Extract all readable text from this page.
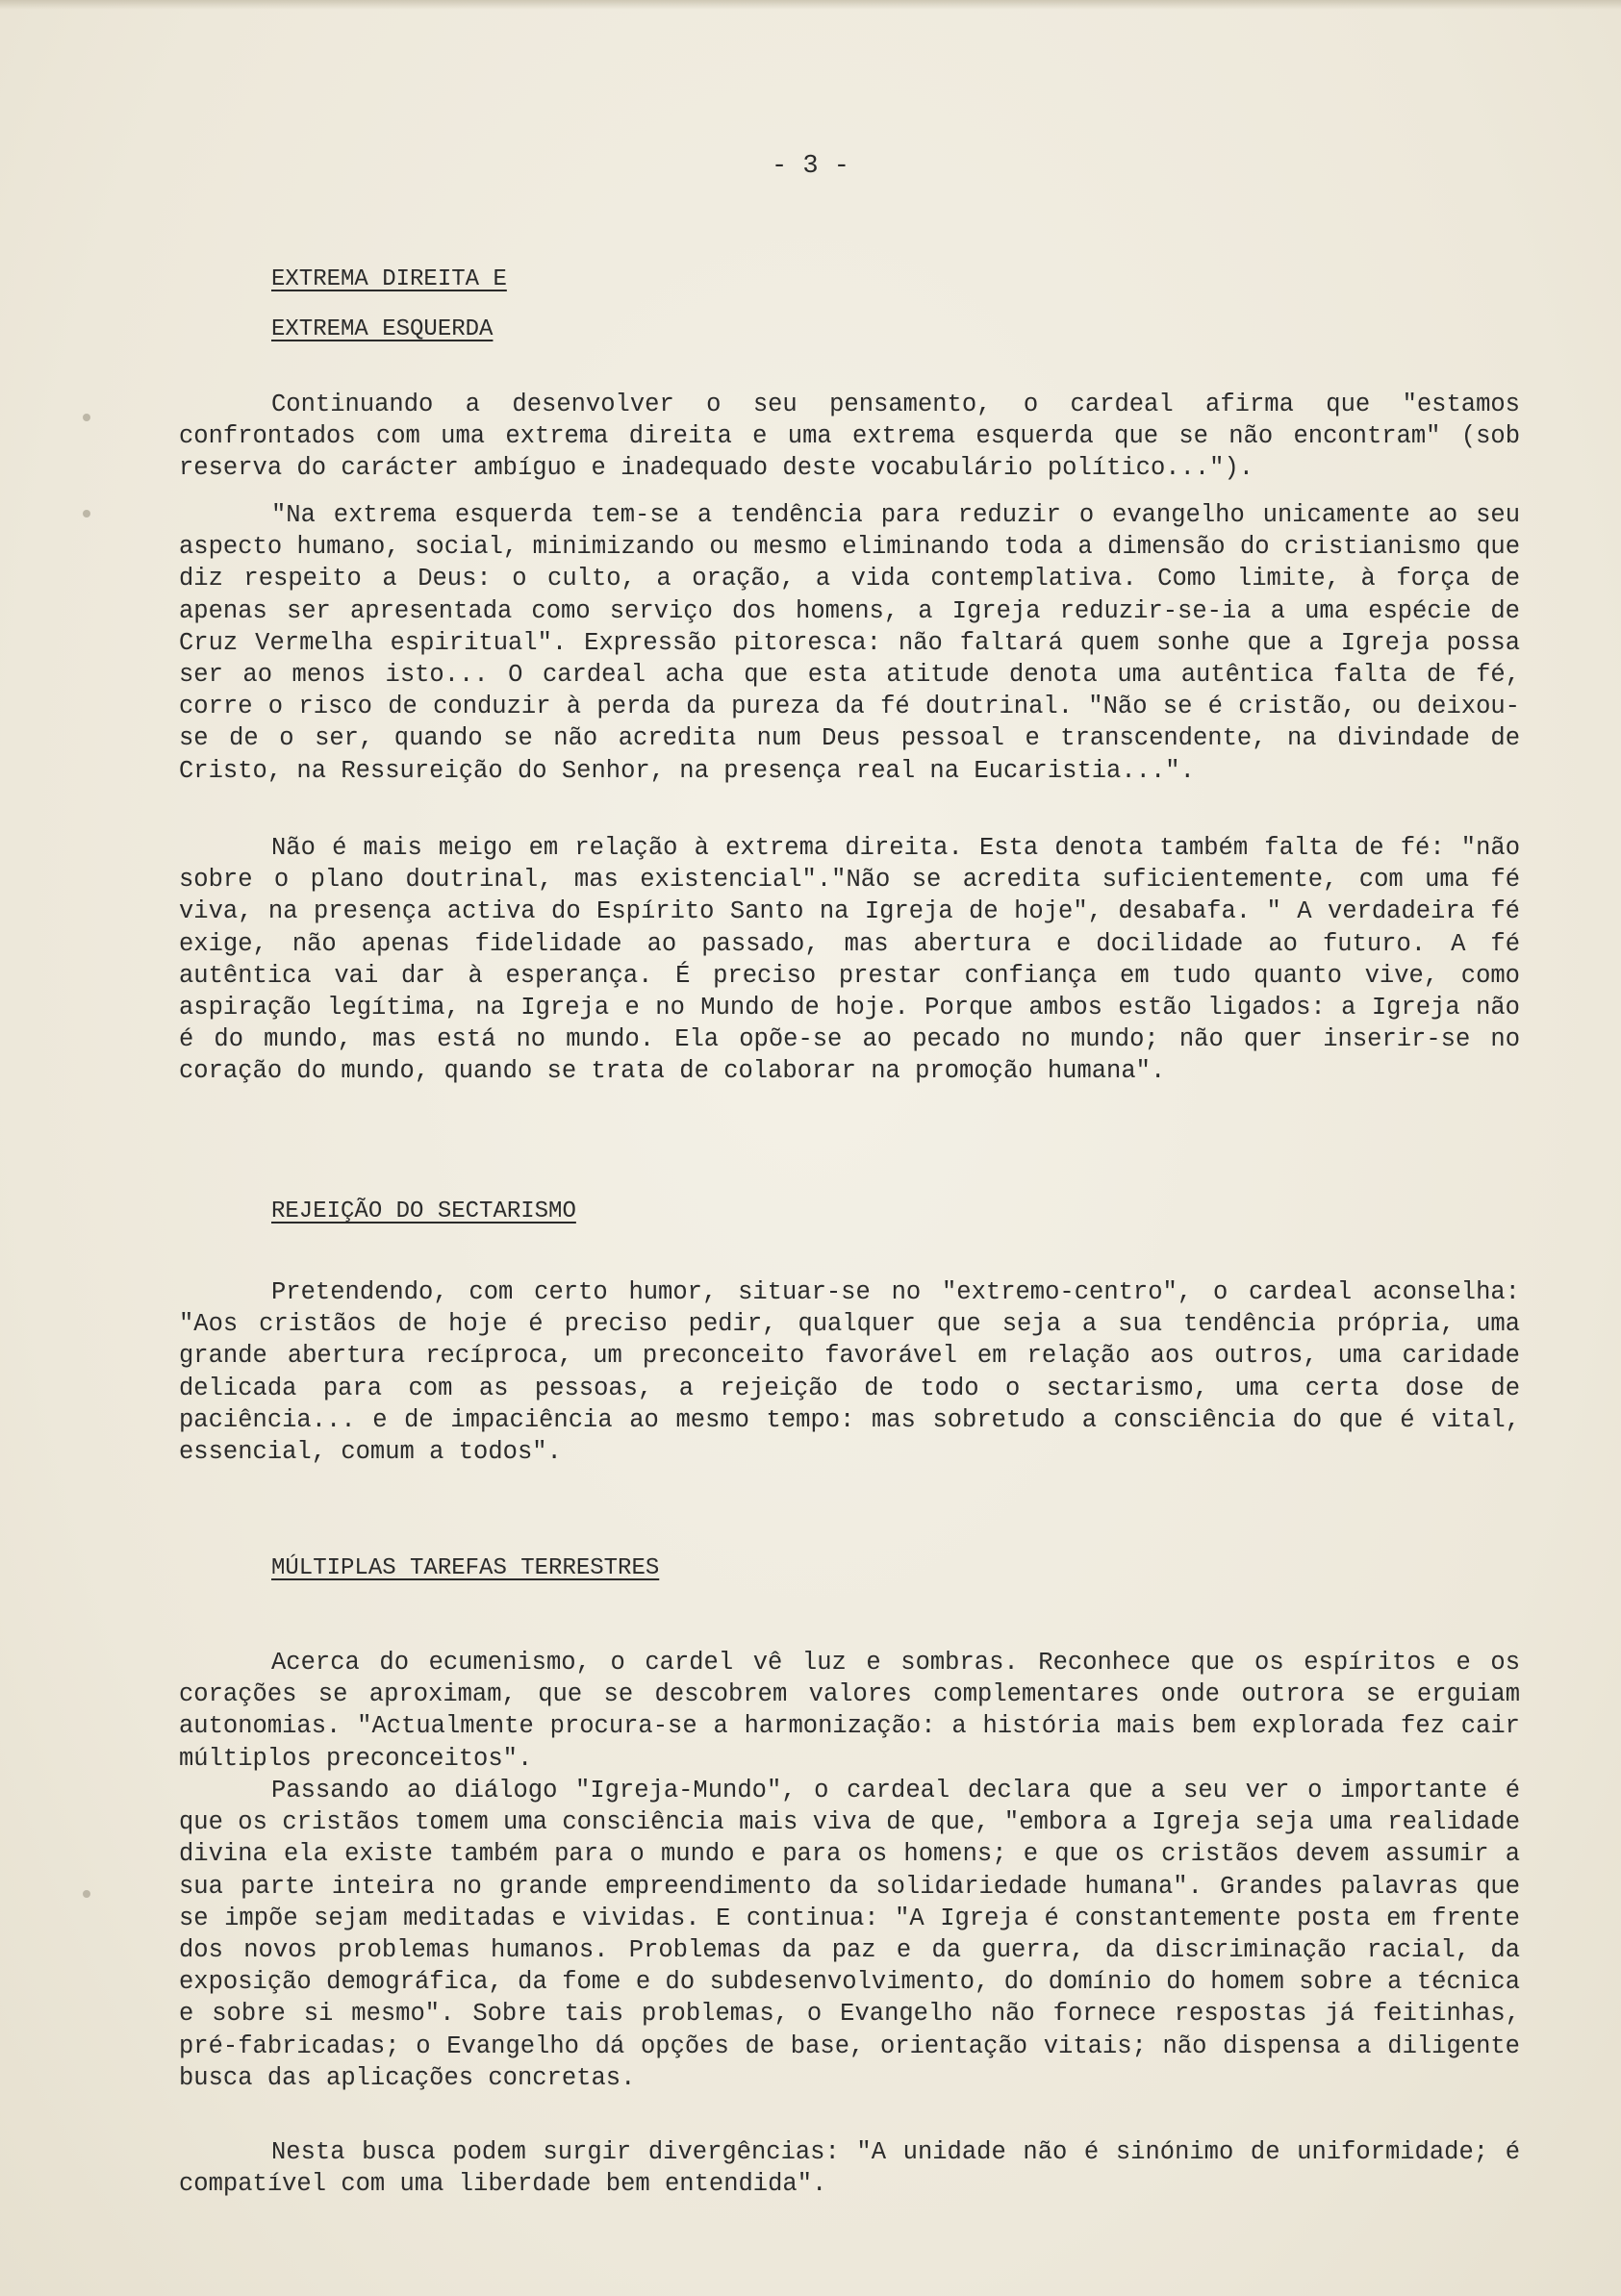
- 3 -
EXTREMA DIREITA E
EXTREMA ESQUERDA

Continuando a desenvolver o seu pensamento, o cardeal afirma que "estamos confrontados com uma extrema direita e uma extrema esquerda que se não encontram" (sob reserva do carácter ambíguo e inadequado deste vocabulário político...").

"Na extrema esquerda tem-se a tendência para reduzir o evangelho unicamente ao seu aspecto humano, social, minimizando ou mesmo eliminando toda a dimensão do cristianismo que diz respeito a Deus: o culto, a oração, a vida contemplativa. Como limite, à força de apenas ser apresentada como serviço dos homens, a Igreja reduzir-se-ia a uma espécie de Cruz Vermelha espiritual". Expressão pitoresca: não faltará quem sonhe que a Igreja possa ser ao menos isto... O cardeal acha que esta atitude denota uma autêntica falta de fé, corre o risco de conduzir à perda da pureza da fé doutrinal. "Não se é cristão, ou deixou-se de o ser, quando se não acredita num Deus pessoal e transcendente, na divindade de Cristo, na Ressureição do Senhor, na presença real na Eucaristia...".

Não é mais meigo em relação à extrema direita. Esta denota também falta de fé: "não sobre o plano doutrinal, mas existencial"."Não se acredita suficientemente, com uma fé viva, na presença activa do Espírito Santo na Igreja de hoje", desabafa. " A verdadeira fé exige, não apenas fidelidade ao passado, mas abertura e docilidade ao futuro. A fé autêntica vai dar à esperança. É preciso prestar confiança em tudo quanto vive, como aspiração legítima, na Igreja e no Mundo de hoje. Porque ambos estão ligados: a Igreja não é do mundo, mas está no mundo. Ela opõe-se ao pecado no mundo; não quer inserir-se no coração do mundo, quando se trata de colaborar na promoção humana".

REJEIÇÃO DO SECTARISMO

Pretendendo, com certo humor, situar-se no "extremo-centro", o cardeal aconselha: "Aos cristãos de hoje é preciso pedir, qualquer que seja a sua tendência própria, uma grande abertura recíproca, um preconceito favorável em relação aos outros, uma caridade delicada para com as pessoas, a rejeição de todo o sectarismo, uma certa dose de paciência... e de impaciência ao mesmo tempo: mas sobretudo a consciência do que é vital, essencial, comum a todos".

MÚLTIPLAS TAREFAS TERRESTRES

Acerca do ecumenismo, o cardel vê luz e sombras. Reconhece que os espíritos e os corações se aproximam, que se descobrem valores complementares onde outrora se erguiam autonomias. "Actualmente procura-se a harmonização: a história mais bem explorada fez cair múltiplos preconceitos".

Passando ao diálogo "Igreja-Mundo", o cardeal declara que a seu ver o importante é que os cristãos tomem uma consciência mais viva de que, "embora a Igreja seja uma realidade divina ela existe também para o mundo e para os homens; e que os cristãos devem assumir a sua parte inteira no grande empreendimento da solidariedade humana". Grandes palavras que se impõe sejam meditadas e vividas. E continua: "A Igreja é constantemente posta em frente dos novos problemas humanos. Problemas da paz e da guerra, da discriminação racial, da exposição demográfica, da fome e do subdesenvolvimento, do domínio do homem sobre a técnica e sobre si mesmo". Sobre tais problemas, o Evangelho não fornece respostas já feitinhas, pré-fabricadas; o Evangelho dá opções de base, orientação vitais; não dispensa a diligente busca das aplicações concretas.

Nesta busca podem surgir divergências: "A unidade não é sinónimo de uniformidade; é compatível com uma liberdade bem entendida".
